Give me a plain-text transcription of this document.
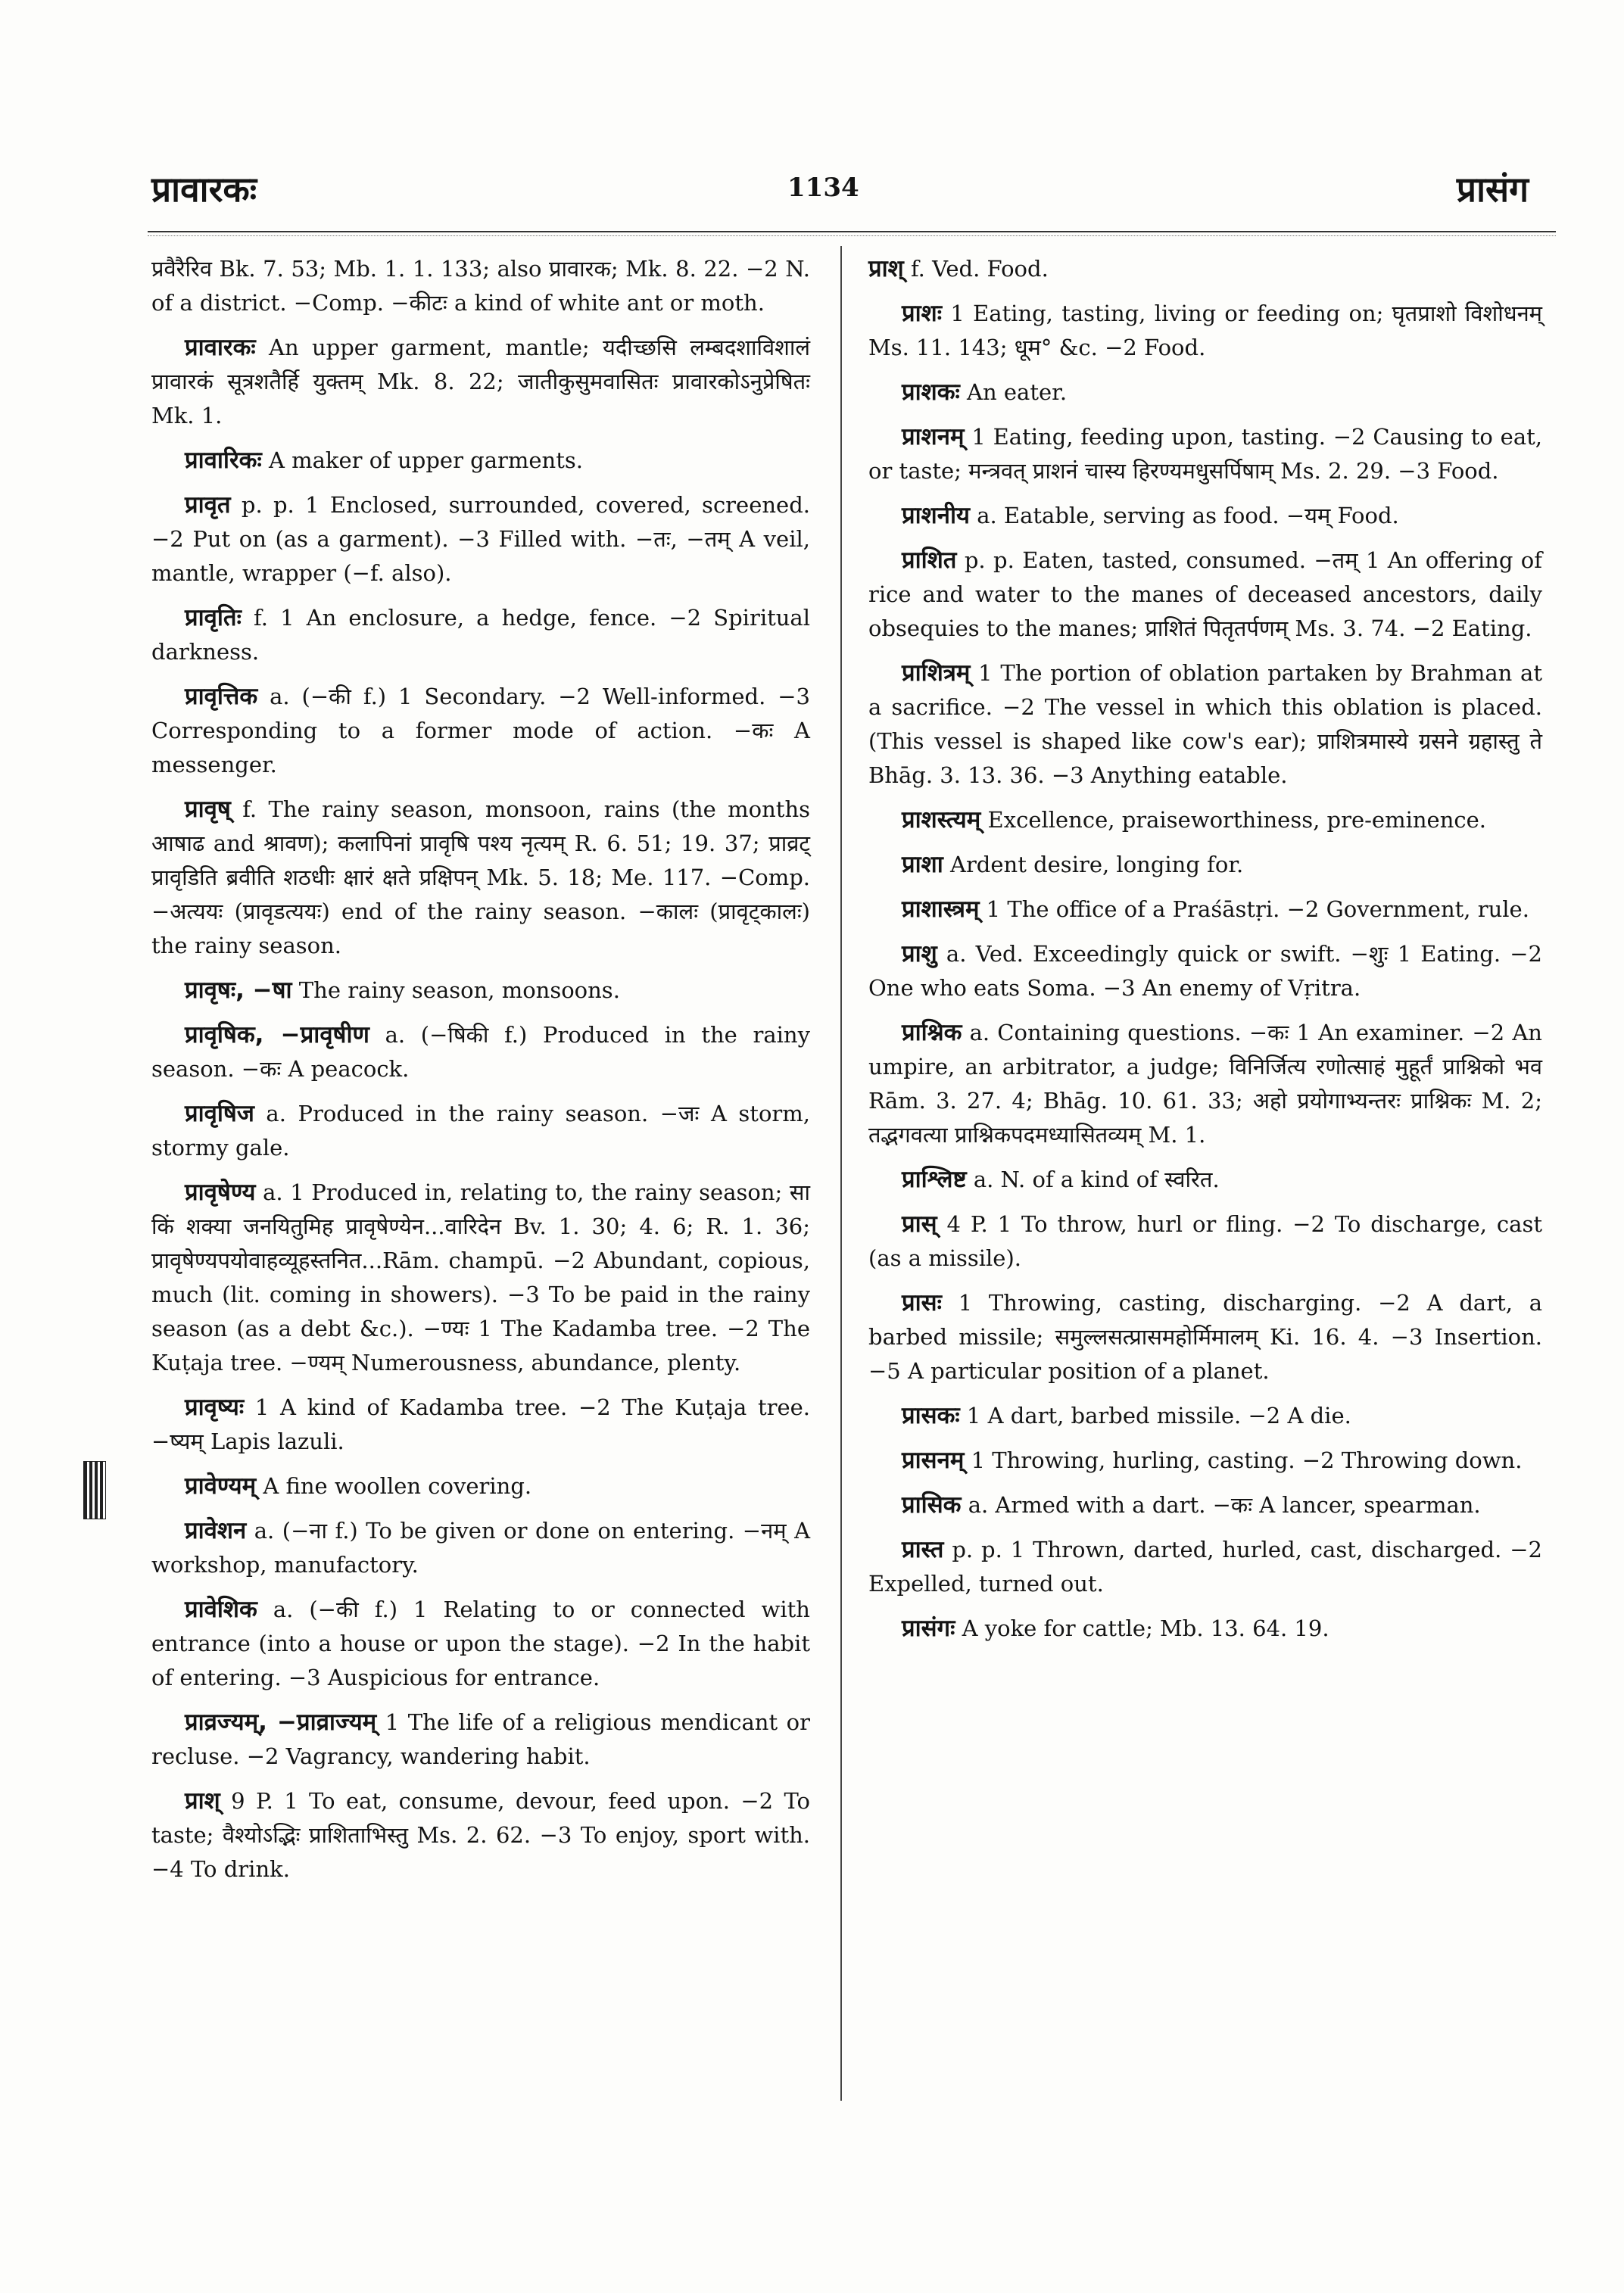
प्रावारकः	1134	प्रासंग

प्रवैरैरिव Bk. 7. 53; Mb. 1. 1. 133; also प्रावारक; Mk. 8. 22. −2 N. of a district. −Comp. −कीटः a kind of white ant or moth.

प्रावारकः An upper garment, mantle; यदीच्छसि लम्बदशाविशालं प्रावारकं सूत्रशतैर्हि युक्तम् Mk. 8. 22; जातीकुसुमवासितः प्रावारकोऽनुप्रेषितः Mk. 1.

प्रावारिकः A maker of upper garments.

प्रावृत p. p. 1 Enclosed, surrounded, covered, screened. −2 Put on (as a garment). −3 Filled with. −तः, −तम् A veil, mantle, wrapper (−f. also).

प्रावृतिः f. 1 An enclosure, a hedge, fence. −2 Spiritual darkness.

प्रावृत्तिक a. (−की f.) 1 Secondary. −2 Well-informed. −3 Corresponding to a former mode of action. −कः A messenger.

प्रावृष् f. The rainy season, monsoon, rains (the months आषाढ and श्रावण); कलापिनां प्रावृषि पश्य नृत्यम् R. 6. 51; 19. 37; प्राव्रट् प्रावृडिति ब्रवीति शठधीः क्षारं क्षते प्रक्षिपन् Mk. 5. 18; Me. 117. −Comp. −अत्ययः (प्रावृडत्ययः) end of the rainy season. −कालः (प्रावृट्कालः) the rainy season.

प्रावृषः, −षा The rainy season, monsoons.

प्रावृषिक, −प्रावृषीण a. (−षिकी f.) Produced in the rainy season. −कः A peacock.

प्रावृषिज a. Produced in the rainy season. −जः A storm, stormy gale.

प्रावृषेण्य a. 1 Produced in, relating to, the rainy season; सा किं शक्या जनयितुमिह प्रावृषेण्येन...वारिदेन Bv. 1. 30; 4. 6; R. 1. 36; प्रावृषेण्यपयोवाहव्यूहस्तनित...Rām. champū. −2 Abundant, copious, much (lit. coming in showers). −3 To be paid in the rainy season (as a debt &c.). −ण्यः 1 The Kadamba tree. −2 The Kuṭaja tree. −ण्यम् Numerousness, abundance, plenty.

प्रावृष्यः 1 A kind of Kadamba tree. −2 The Kuṭaja tree. −ष्यम् Lapis lazuli.

प्रावेण्यम् A fine woollen covering.

प्रावेशन a. (−ना f.) To be given or done on entering. −नम् A workshop, manufactory.

प्रावेशिक a. (−की f.) 1 Relating to or connected with entrance (into a house or upon the stage). −2 In the habit of entering. −3 Auspicious for entrance.

प्राव्रज्यम्, −प्राव्राज्यम् 1 The life of a religious mendicant or recluse. −2 Vagrancy, wandering habit.

प्राश् 9 P. 1 To eat, consume, devour, feed upon. −2 To taste; वैश्योऽद्भिः प्राशिताभिस्तु Ms. 2. 62. −3 To enjoy, sport with. −4 To drink.

प्राश् f. Ved. Food.

प्राशः 1 Eating, tasting, living or feeding on; घृतप्राशो विशोधनम् Ms. 11. 143; धूम° &c. −2 Food.

प्राशकः An eater.

प्राशनम् 1 Eating, feeding upon, tasting. −2 Causing to eat, or taste; मन्त्रवत् प्राशनं चास्य हिरण्यमधुसर्पिषाम् Ms. 2. 29. −3 Food.

प्राशनीय a. Eatable, serving as food. −यम् Food.

प्राशित p. p. Eaten, tasted, consumed. −तम् 1 An offering of rice and water to the manes of deceased ancestors, daily obsequies to the manes; प्राशितं पितृतर्पणम् Ms. 3. 74. −2 Eating.

प्राशित्रम् 1 The portion of oblation partaken by Brahman at a sacrifice. −2 The vessel in which this oblation is placed. (This vessel is shaped like cow's ear); प्राशित्रमास्ये ग्रसने ग्रहास्तु ते Bhāg. 3. 13. 36. −3 Anything eatable.

प्राशस्त्यम् Excellence, praiseworthiness, pre-eminence.

प्राशा Ardent desire, longing for.

प्राशास्त्रम् 1 The office of a Praśāstṛi. −2 Government, rule.

प्राशु a. Ved. Exceedingly quick or swift. −शुः 1 Eating. −2 One who eats Soma. −3 An enemy of Vṛitra.

प्राश्निक a. Containing questions. −कः 1 An examiner. −2 An umpire, an arbitrator, a judge; विनिर्जित्य रणोत्साहं मुहूर्तं प्राश्निको भव Rām. 3. 27. 4; Bhāg. 10. 61. 33; अहो प्रयोगाभ्यन्तरः प्राश्निकः M. 2; तद्भगवत्या प्राश्निकपदमध्यासितव्यम् M. 1.

प्राश्लिष्ट a. N. of a kind of स्वरित.

प्रास् 4 P. 1 To throw, hurl or fling. −2 To discharge, cast (as a missile).

प्रासः 1 Throwing, casting, discharging. −2 A dart, a barbed missile; समुल्लसत्प्रासमहोर्मिमालम् Ki. 16. 4. −3 Insertion. −5 A particular position of a planet.

प्रासकः 1 A dart, barbed missile. −2 A die.

प्रासनम् 1 Throwing, hurling, casting. −2 Throwing down.

प्रासिक a. Armed with a dart. −कः A lancer, spearman.

प्रास्त p. p. 1 Thrown, darted, hurled, cast, discharged. −2 Expelled, turned out.

प्रासंगः A yoke for cattle; Mb. 13. 64. 19.
